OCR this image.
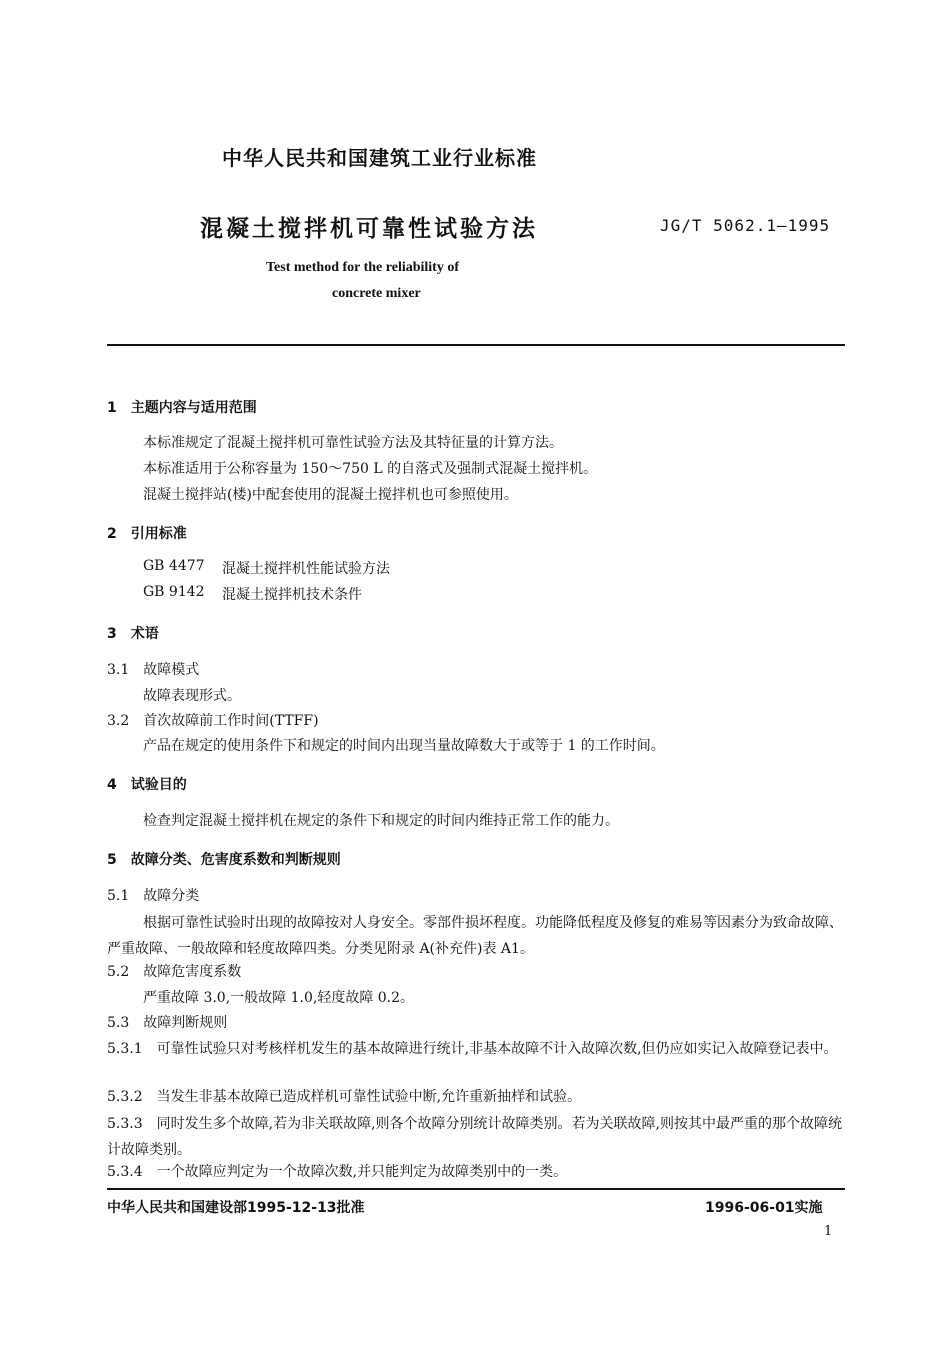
中华人民共和国建筑工业行业标准
混凝土搅拌机可靠性试验方法	JG/T 5062.1—1995
Test method for the reliability of
concrete mixer
1　主题内容与适用范围
本标准规定了混凝土搅拌机可靠性试验方法及其特征量的计算方法。
本标准适用于公称容量为 150～750 L 的自落式及强制式混凝土搅拌机。
混凝土搅拌站(楼)中配套使用的混凝土搅拌机也可参照使用。
2　引用标准
GB 4477 混凝土搅拌机性能试验方法
GB 9142 混凝土搅拌机技术条件
3　术语
3.1　故障模式
故障表现形式。
3.2　首次故障前工作时间(TTFF)
产品在规定的使用条件下和规定的时间内出现当量故障数大于或等于 1 的工作时间。
4　试验目的
检查判定混凝土搅拌机在规定的条件下和规定的时间内维持正常工作的能力。
5　故障分类、危害度系数和判断规则
5.1　故障分类
根据可靠性试验时出现的故障按对人身安全。零部件损坏程度。功能降低程度及修复的难易等因素分为致命故障、严重故障、一般故障和轻度故障四类。分类见附录 A(补充件)表 A1。
5.2　故障危害度系数
严重故障 3.0,一般故障 1.0,轻度故障 0.2。
5.3　故障判断规则
5.3.1　可靠性试验只对考核样机发生的基本故障进行统计,非基本故障不计入故障次数,但仍应如实记入故障登记表中。
5.3.2　当发生非基本故障已造成样机可靠性试验中断,允许重新抽样和试验。
5.3.3　同时发生多个故障,若为非关联故障,则各个故障分别统计故障类别。若为关联故障,则按其中最严重的那个故障统计故障类别。
5.3.4　一个故障应判定为一个故障次数,并只能判定为故障类别中的一类。
中华人民共和国建设部1995-12-13批准	1996-06-01实施
1
